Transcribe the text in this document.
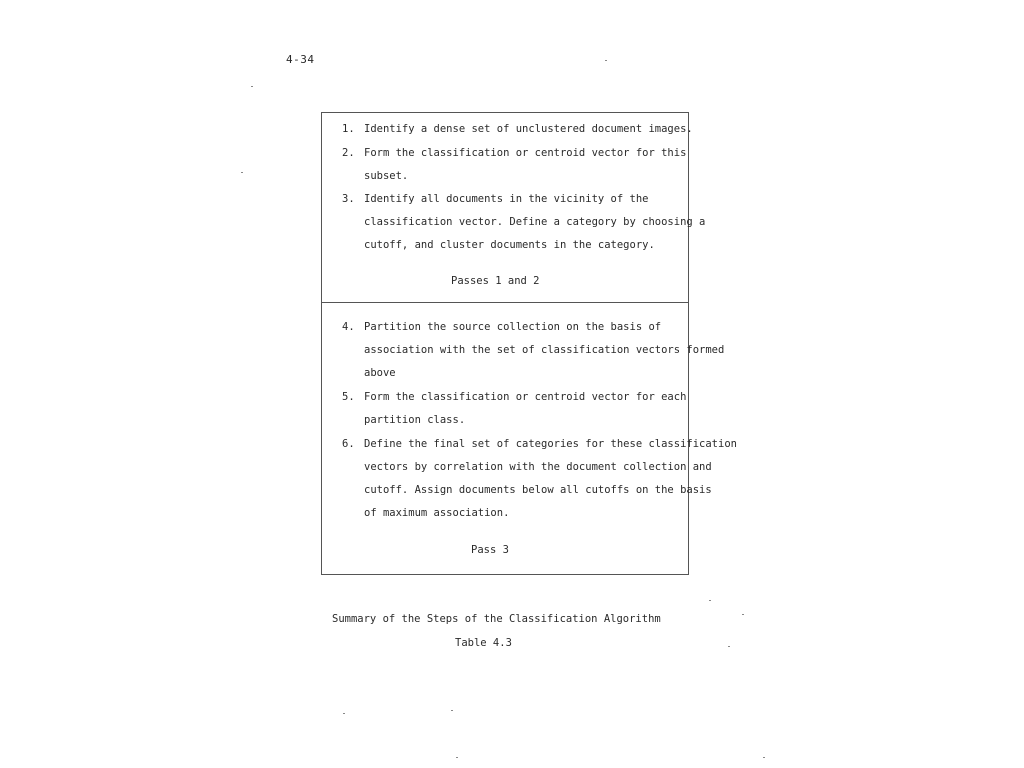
4-34
1. Identify a dense set of unclustered document images.
2. Form the classification or centroid vector for this
subset.
3. Identify all documents in the vicinity of the
classification vector. Define a category by choosing a
cutoff, and cluster documents in the category.
Passes 1 and 2
4. Partition the source collection on the basis of
association with the set of classification vectors formed
above
5. Form the classification or centroid vector for each
partition class.
6. Define the final set of categories for these classification
vectors by correlation with the document collection and
cutoff. Assign documents below all cutoffs on the basis
of maximum association.
Pass 3
Summary of the Steps of the Classification Algorithm
Table 4.3
